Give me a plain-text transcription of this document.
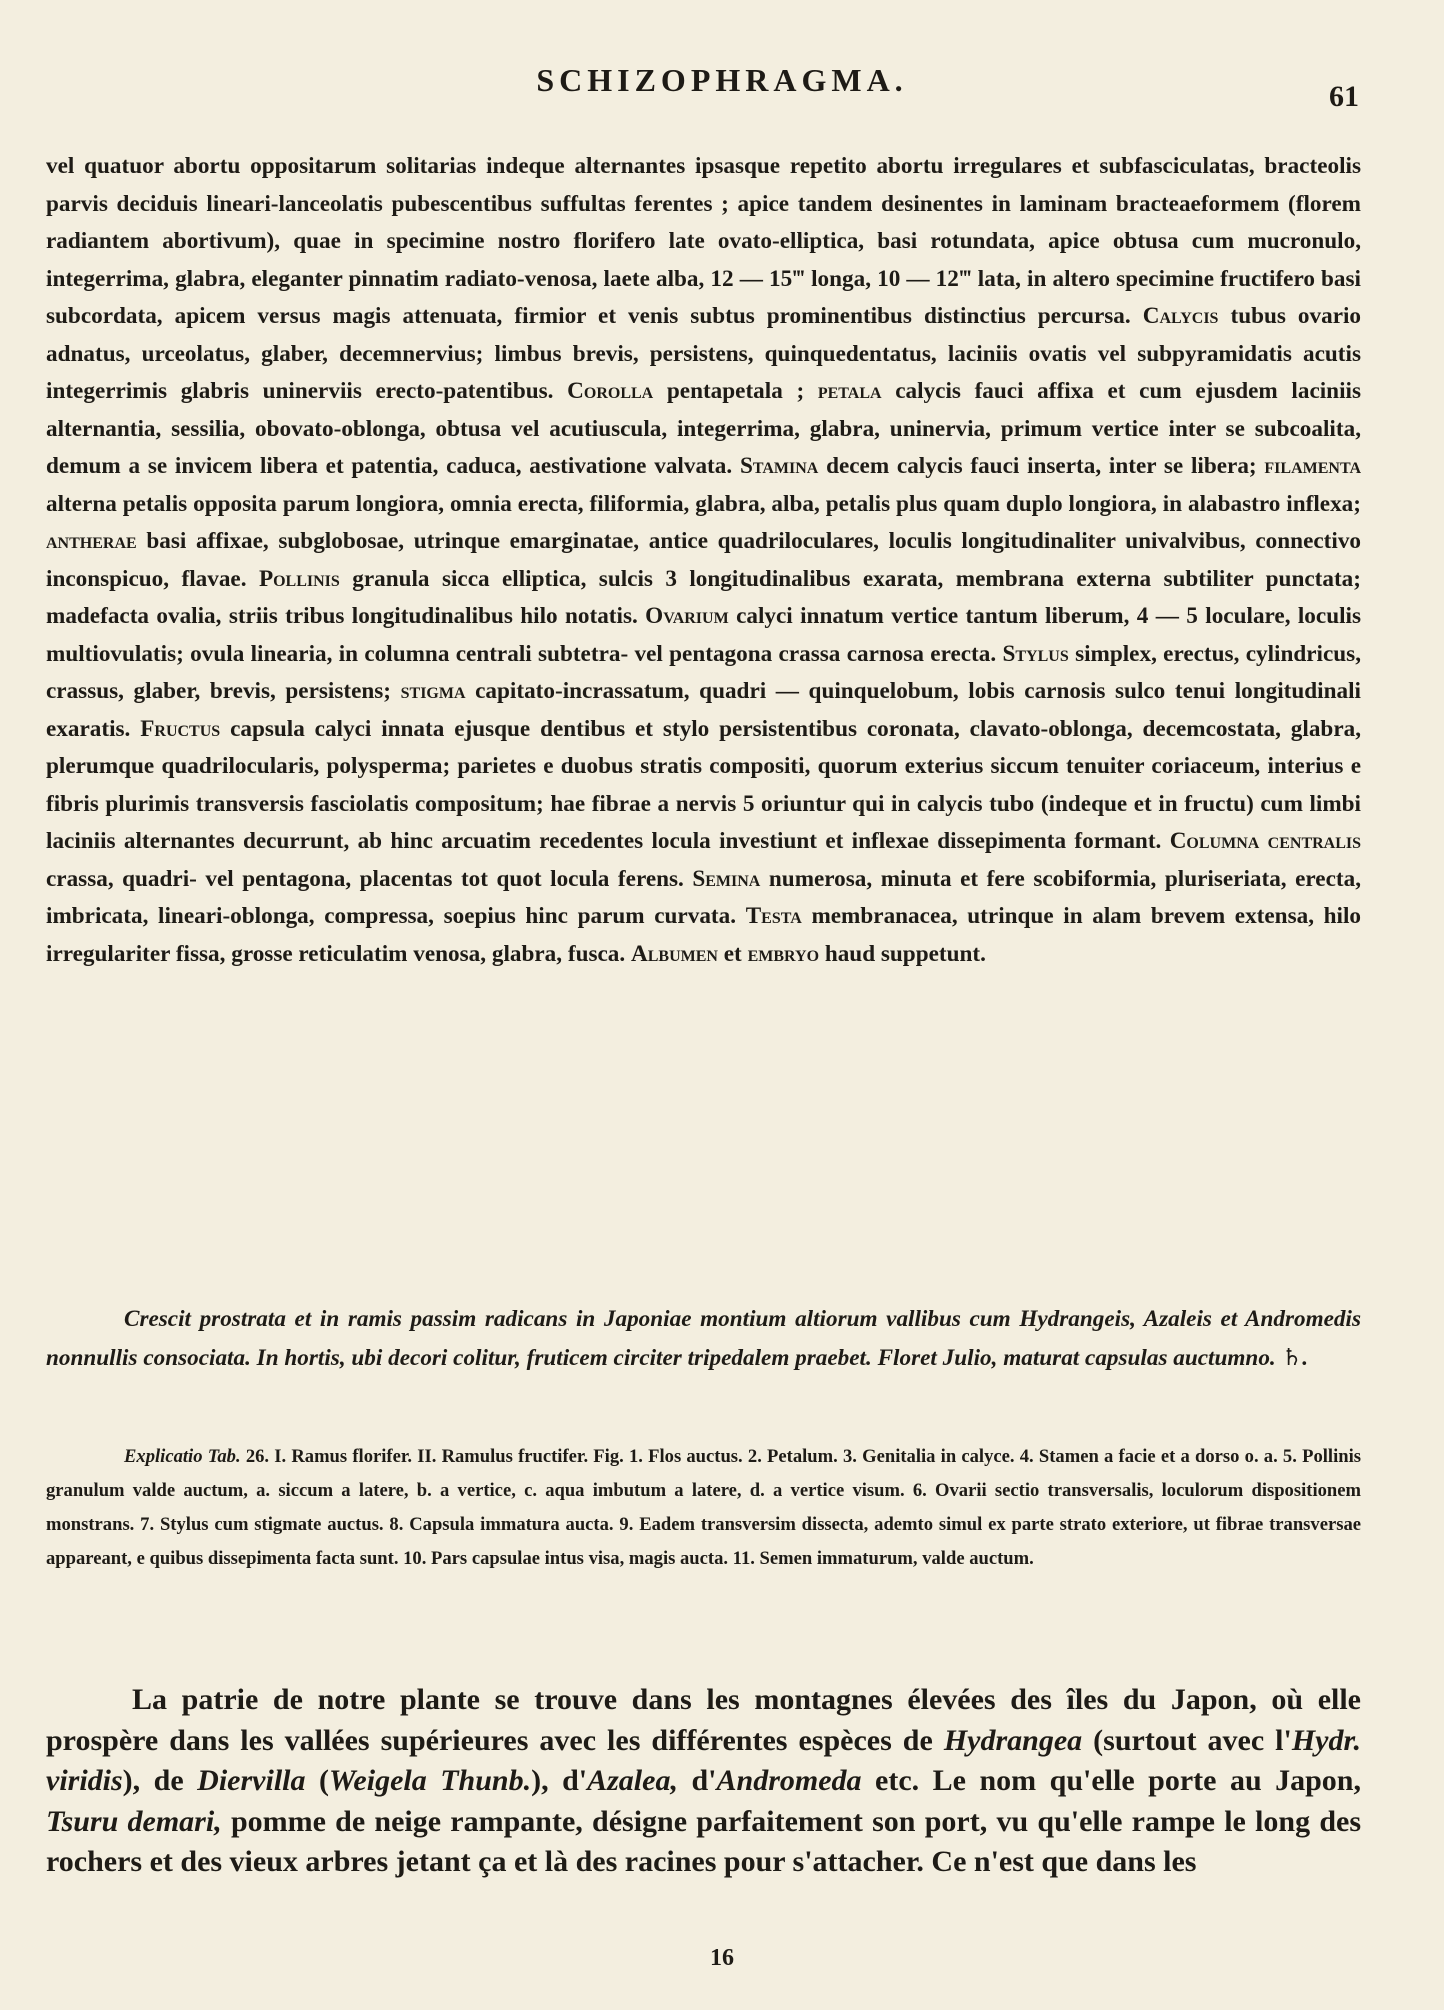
SCHIZOPHRAGMA.	61

vel quatuor abortu oppositarum solitarias indeque alternantes ipsasque repetito abortu irregulares et subfasciculatas, bracteolis parvis deciduis lineari-lanceolatis pubescentibus suffultas ferentes ; apice tandem desinentes in laminam bracteaeformem (florem radiantem abortivum), quae in specimine nostro florifero late ovato-elliptica, basi rotundata, apice obtusa cum mucronulo, integerrima, glabra, eleganter pinnatim radiato-venosa, laete alba, 12 — 15‴ longa, 10 — 12‴ lata, in altero specimine fructifero basi subcordata, apicem versus magis attenuata, firmior et venis subtus prominentibus distinctius percursa. Calycis tubus ovario adnatus, urceolatus, glaber, decemnervius; limbus brevis, persistens, quinquedentatus, laciniis ovatis vel subpyramidatis acutis integerrimis glabris uninerviis erecto-patentibus. Corolla pentapetala ; petala calycis fauci affixa et cum ejusdem laciniis alternantia, sessilia, obovato-oblonga, obtusa vel acutiuscula, integerrima, glabra, uninervia, primum vertice inter se subcoalita, demum a se invicem libera et patentia, caduca, aestivatione valvata. Stamina decem calycis fauci inserta, inter se libera; filamenta alterna petalis opposita parum longiora, omnia erecta, filiformia, glabra, alba, petalis plus quam duplo longiora, in alabastro inflexa; antherae basi affixae, subglobosae, utrinque emarginatae, antice quadriloculares, loculis longitudinaliter univalvibus, connectivo inconspicuo, flavae. Pollinis granula sicca elliptica, sulcis 3 longitudinalibus exarata, membrana externa subtiliter punctata; madefacta ovalia, striis tribus longitudinalibus hilo notatis. Ovarium calyci innatum vertice tantum liberum, 4 — 5 loculare, loculis multiovulatis; ovula linearia, in columna centrali subtetra- vel pentagona crassa carnosa erecta. Stylus simplex, erectus, cylindricus, crassus, glaber, brevis, persistens; stigma capitato-incrassatum, quadri — quinquelobum, lobis carnosis sulco tenui longitudinali exaratis. Fructus capsula calyci innata ejusque dentibus et stylo persistentibus coronata, clavato-oblonga, decemcostata, glabra, plerumque quadrilocularis, polysperma; parietes e duobus stratis compositi, quorum exterius siccum tenuiter coriaceum, interius e fibris plurimis transversis fasciolatis compositum; hae fibrae a nervis 5 oriuntur qui in calycis tubo (indeque et in fructu) cum limbi laciniis alternantes decurrunt, ab hinc arcuatim recedentes locula investiunt et inflexae dissepimenta formant. Columna centralis crassa, quadri- vel pentagona, placentas tot quot locula ferens. Semina numerosa, minuta et fere scobiformia, pluriseriata, erecta, imbricata, lineari-oblonga, compressa, soepius hinc parum curvata. Testa membranacea, utrinque in alam brevem extensa, hilo irregulariter fissa, grosse reticulatim venosa, glabra, fusca. Albumen et embryo haud suppetunt.

Crescit prostrata et in ramis passim radicans in Japoniae montium altiorum vallibus cum Hydrangeis, Azaleis et Andromedis nonnullis consociata. In hortis, ubi decori colitur, fruticem circiter tripedalem praebet. Floret Julio, maturat capsulas auctumno. ♄.
Explicatio Tab. 26. I. Ramus florifer. II. Ramulus fructifer. Fig. 1. Flos auctus. 2. Petalum. 3. Genitalia in calyce. 4. Stamen a facie et a dorso o. a. 5. Pollinis granulum valde auctum, a. siccum a latere, b. a vertice, c. aqua imbutum a latere, d. a vertice visum. 6. Ovarii sectio transversalis, loculorum dispositionem monstrans. 7. Stylus cum stigmate auctus. 8. Capsula immatura aucta. 9. Eadem transversim dissecta, ademto simul ex parte strato exteriore, ut fibrae transversae appareant, e quibus dissepimenta facta sunt. 10. Pars capsulae intus visa, magis aucta. 11. Semen immaturum, valde auctum.
La patrie de notre plante se trouve dans les montagnes élevées des îles du Japon, où elle prospère dans les vallées supérieures avec les différentes espèces de Hydrangea (surtout avec l'Hydr. viridis), de Diervilla (Weigela Thunb.), d'Azalea, d'Andromeda etc. Le nom qu'elle porte au Japon, Tsuru demari, pomme de neige rampante, désigne parfaitement son port, vu qu'elle rampe le long des rochers et des vieux arbres jetant ça et là des racines pour s'attacher. Ce n'est que dans les
16
